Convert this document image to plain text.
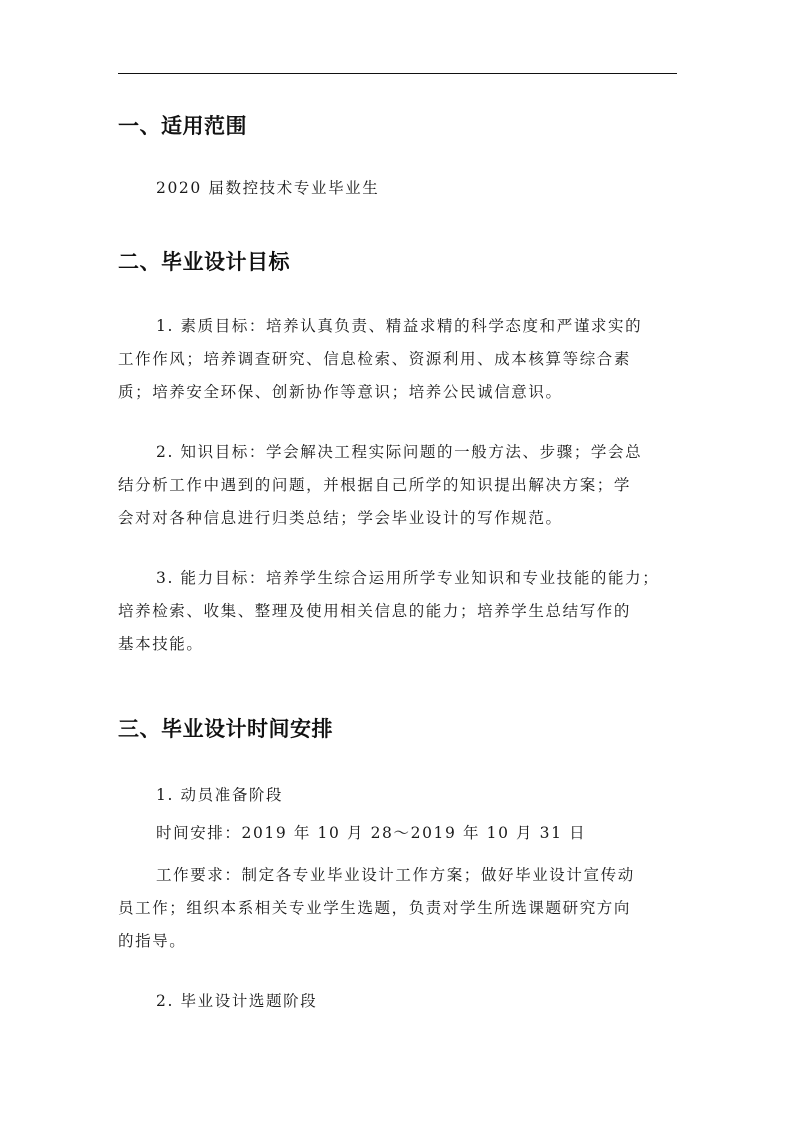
一、适用范围
2020 届数控技术专业毕业生
二、毕业设计目标
1. 素质目标：培养认真负责、精益求精的科学态度和严谨求实的
工作作风；培养调查研究、信息检索、资源利用、成本核算等综合素
质；培养安全环保、创新协作等意识；培养公民诚信意识。
2. 知识目标：学会解决工程实际问题的一般方法、步骤；学会总
结分析工作中遇到的问题，并根据自己所学的知识提出解决方案；学
会对对各种信息进行归类总结；学会毕业设计的写作规范。
3. 能力目标：培养学生综合运用所学专业知识和专业技能的能力；
培养检索、收集、整理及使用相关信息的能力；培养学生总结写作的
基本技能。
三、毕业设计时间安排
1. 动员准备阶段
时间安排：2019 年 10 月 28～2019 年 10 月 31 日
工作要求：制定各专业毕业设计工作方案；做好毕业设计宣传动
员工作；组织本系相关专业学生选题，负责对学生所选课题研究方向
的指导。
2. 毕业设计选题阶段
